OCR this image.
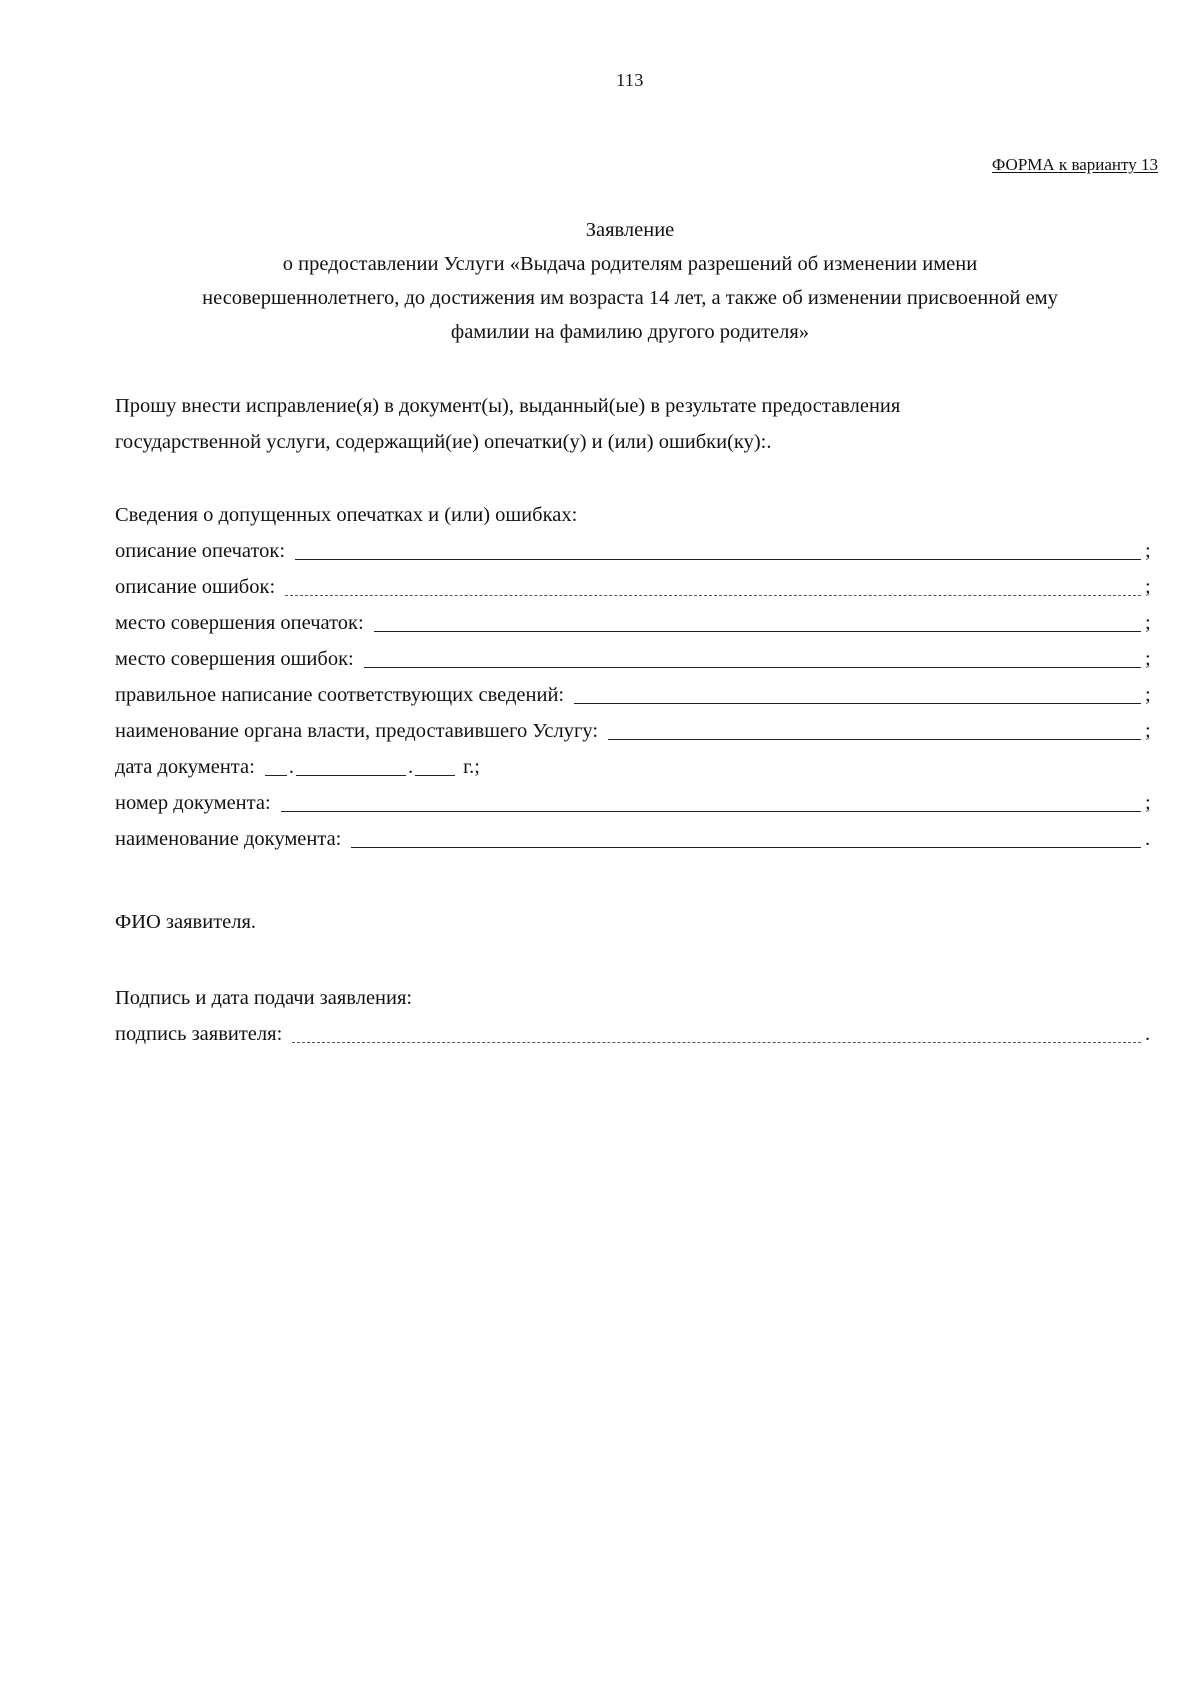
113
ФОРМА к варианту 13
Заявление
о предоставлении Услуги «Выдача родителям разрешений об изменении имени
несовершеннолетнего, до достижения им возраста 14 лет, а также об изменении присвоенной ему
фамилии на фамилию другого родителя»
Прошу внести исправление(я) в документ(ы), выданный(ые) в результате предоставления
государственной услуги, содержащий(ие) опечатки(у) и (или) ошибки(ку):.
Сведения о допущенных опечатках и (или) ошибках:
описание опечаток:	;
описание ошибок:	;
место совершения опечаток:	;
место совершения ошибок:	;
правильное написание соответствующих сведений:	;
наименование органа власти, предоставившего Услугу:	;
дата документа: .	. г.;
номер документа:	;
наименование документа:	.
ФИО заявителя.
Подпись и дата подачи заявления:
подпись заявителя:	.
